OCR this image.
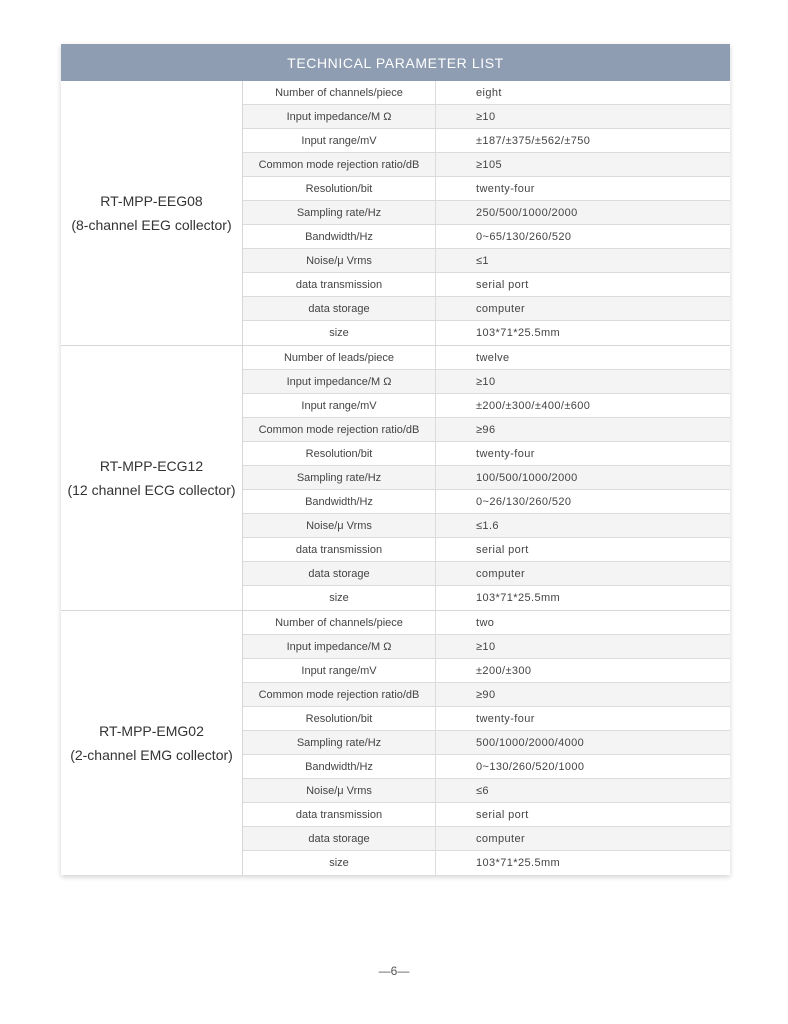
TECHNICAL PARAMETER LIST
RT-MPP-EEG08
(8-channel EEG collector)
Number of channels/piece	eight
Input impedance/M Ω	≥10
Input range/mV	±187/±375/±562/±750
Common mode rejection ratio/dB	≥105
Resolution/bit	twenty-four
Sampling rate/Hz	250/500/1000/2000
Bandwidth/Hz	0~65/130/260/520
Noise/μ Vrms	≤1
data transmission	serial port
data storage	computer
size	103*71*25.5mm
RT-MPP-ECG12
(12 channel ECG collector)
Number of leads/piece	twelve
Input impedance/M Ω	≥10
Input range/mV	±200/±300/±400/±600
Common mode rejection ratio/dB	≥96
Resolution/bit	twenty-four
Sampling rate/Hz	100/500/1000/2000
Bandwidth/Hz	0~26/130/260/520
Noise/μ Vrms	≤1.6
data transmission	serial port
data storage	computer
size	103*71*25.5mm
RT-MPP-EMG02
(2-channel EMG collector)
Number of channels/piece	two
Input impedance/M Ω	≥10
Input range/mV	±200/±300
Common mode rejection ratio/dB	≥90
Resolution/bit	twenty-four
Sampling rate/Hz	500/1000/2000/4000
Bandwidth/Hz	0~130/260/520/1000
Noise/μ Vrms	≤6
data transmission	serial port
data storage	computer
size	103*71*25.5mm
—6—
